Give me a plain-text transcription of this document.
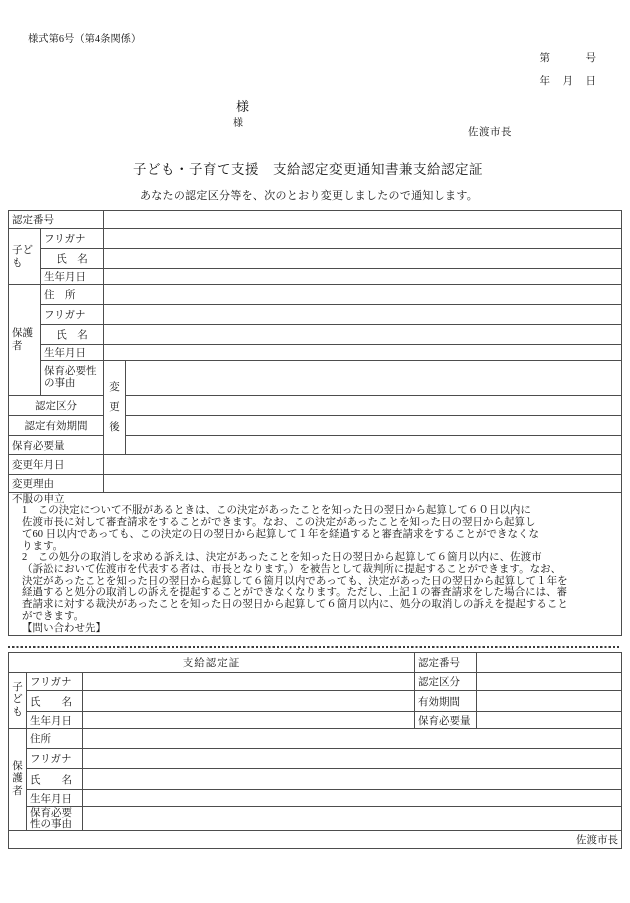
様式第6号（第4条関係）
第　　　号
年　月　日
様
様
佐渡市長
子ども・子育て支援　支給認定変更通知書兼支給認定証
あなたの認定区分等を、次のとおり変更しましたので通知します。
認定番号			
子ども	フリガナ		
	氏　名		
	生年月日		
保護者	住　所		
	フリガナ		
	氏　名		
	生年月日		
	保育必要性の事由	変更後	
認定区分			
認定有効期間			
保育必要量			
変更年月日			
変更理由			

不服の申立
1　この決定について不服があるときは、この決定があったことを知った日の翌日から起算して６０日以内に
佐渡市長に対して審査請求をすることができます。なお、この決定があったことを知った日の翌日から起算し
て60 日以内であっても、この決定の日の翌日から起算して１年を経過すると審査請求をすることができなくな
ります。
2　この処分の取消しを求める訴えは、決定があったことを知った日の翌日から起算して６箇月以内に、佐渡市
（訴訟において佐渡市を代表する者は、市長となります。）を被告として裁判所に提起することができます。なお、
決定があったことを知った日の翌日から起算して６箇月以内であっても、決定があった日の翌日から起算して１年を
経過すると処分の取消しの訴えを提起することができなくなります。ただし、上記１の審査請求をした場合には、審
査請求に対する裁決があったことを知った日の翌日から起算して６箇月以内に、処分の取消しの訴えを提起すること
ができます。
【問い合わせ先】
支給認定証			認定番号	
子ども	フリガナ		認定区分	
	氏　　名		有効期間	
	生年月日		保育必要量	
保護者	住所			
	フリガナ			
	氏　　名			
	生年月日			
	保育必要性の事由			
佐渡市長				
